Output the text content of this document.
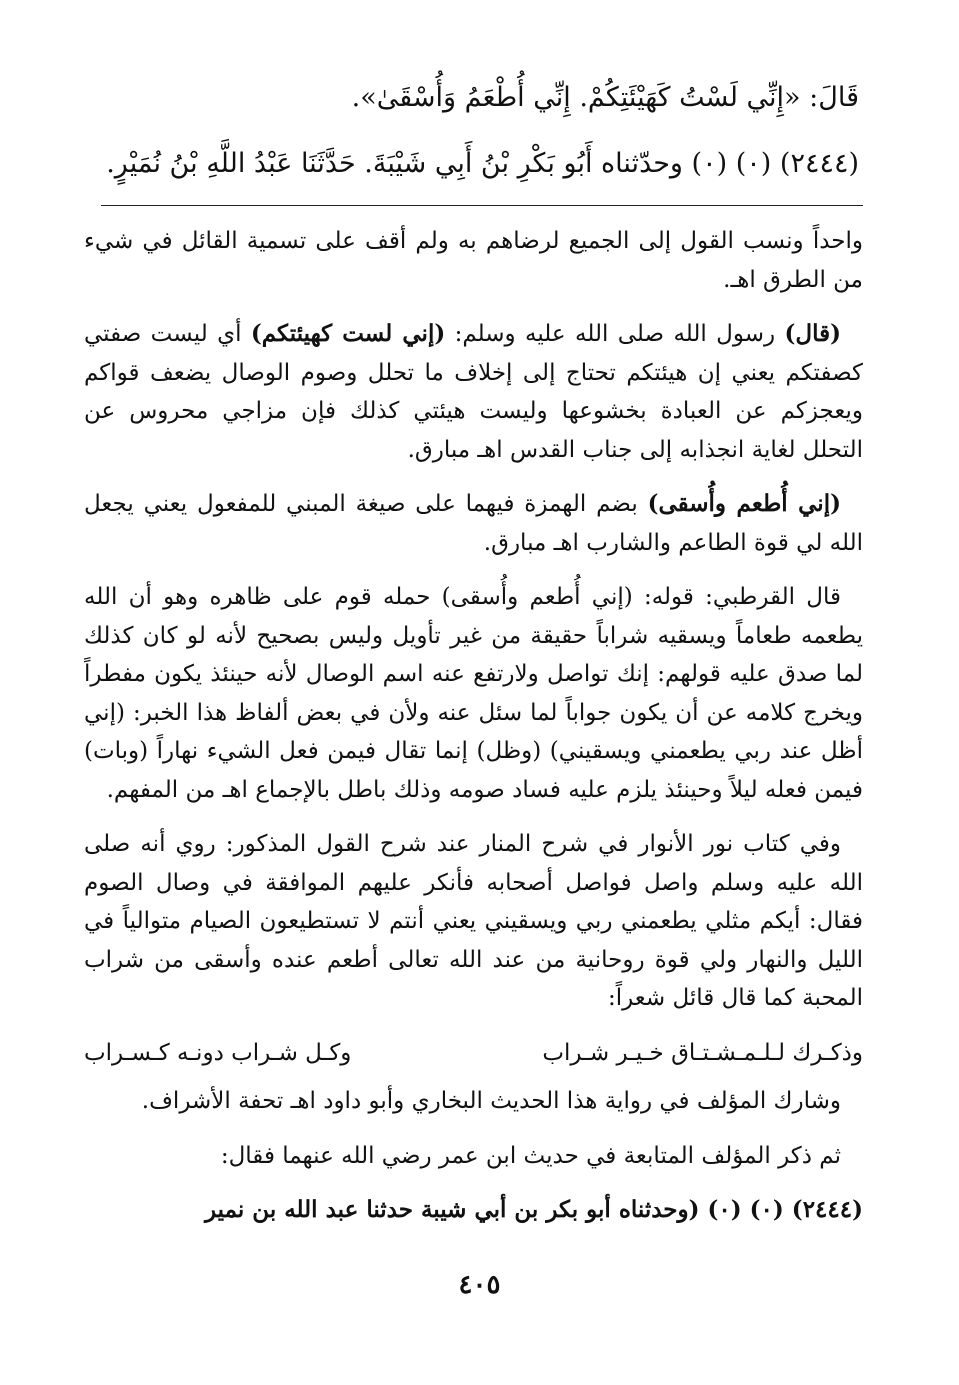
قَالَ: «إِنِّي لَسْتُ كَهَيْئَتِكُمْ. إِنِّي أُطْعَمُ وَأُسْقَىٰ».
(٢٤٤٤) (٠) (٠) وحدّثناه أَبُو بَكْرِ بْنُ أَبِي شَيْبَةَ. حَدَّثَنَا عَبْدُ اللَّهِ بْنُ نُمَيْرٍ.

واحداً ونسب القول إلى الجميع لرضاهم به ولم أقف على تسمية القائل في شيء من الطرق اهـ.

(قال) رسول الله صلى الله عليه وسلم: (إني لست كهيئتكم) أي ليست صفتي كصفتكم يعني إن هيئتكم تحتاج إلى إخلاف ما تحلل وصوم الوصال يضعف قواكم ويعجزكم عن العبادة بخشوعها وليست هيئتي كذلك فإن مزاجي محروس عن التحلل لغاية انجذابه إلى جناب القدس اهـ مبارق.

(إني أُطعم وأُسقى) بضم الهمزة فيهما على صيغة المبني للمفعول يعني يجعل الله لي قوة الطاعم والشارب اهـ مبارق.

قال القرطبي: قوله: (إني أُطعم وأُسقى) حمله قوم على ظاهره وهو أن الله يطعمه طعاماً ويسقيه شراباً حقيقة من غير تأويل وليس بصحيح لأنه لو كان كذلك لما صدق عليه قولهم: إنك تواصل ولارتفع عنه اسم الوصال لأنه حينئذ يكون مفطراً ويخرج كلامه عن أن يكون جواباً لما سئل عنه ولأن في بعض ألفاظ هذا الخبر: (إني أظل عند ربي يطعمني ويسقيني) (وظل) إنما تقال فيمن فعل الشيء نهاراً (وبات) فيمن فعله ليلاً وحينئذ يلزم عليه فساد صومه وذلك باطل بالإجماع اهـ من المفهم.

وفي كتاب نور الأنوار في شرح المنار عند شرح القول المذكور: روي أنه صلى الله عليه وسلم واصل فواصل أصحابه فأنكر عليهم الموافقة في وصال الصوم فقال: أيكم مثلي يطعمني ربي ويسقيني يعني أنتم لا تستطيعون الصيام متوالياً في الليل والنهار ولي قوة روحانية من عند الله تعالى أطعم عنده وأسقى من شراب المحبة كما قال قائل شعراً:

وذكـرك لـلـمـشـتـاق خـيـر شـراب
وكـل شـراب دونـه كـسـراب

وشارك المؤلف في رواية هذا الحديث البخاري وأبو داود اهـ تحفة الأشراف.

ثم ذكر المؤلف المتابعة في حديث ابن عمر رضي الله عنهما فقال:

(٢٤٤٤) (٠) (٠) (وحدثناه أبو بكر بن أبي شيبة حدثنا عبد الله بن نمير

٤٠٥
